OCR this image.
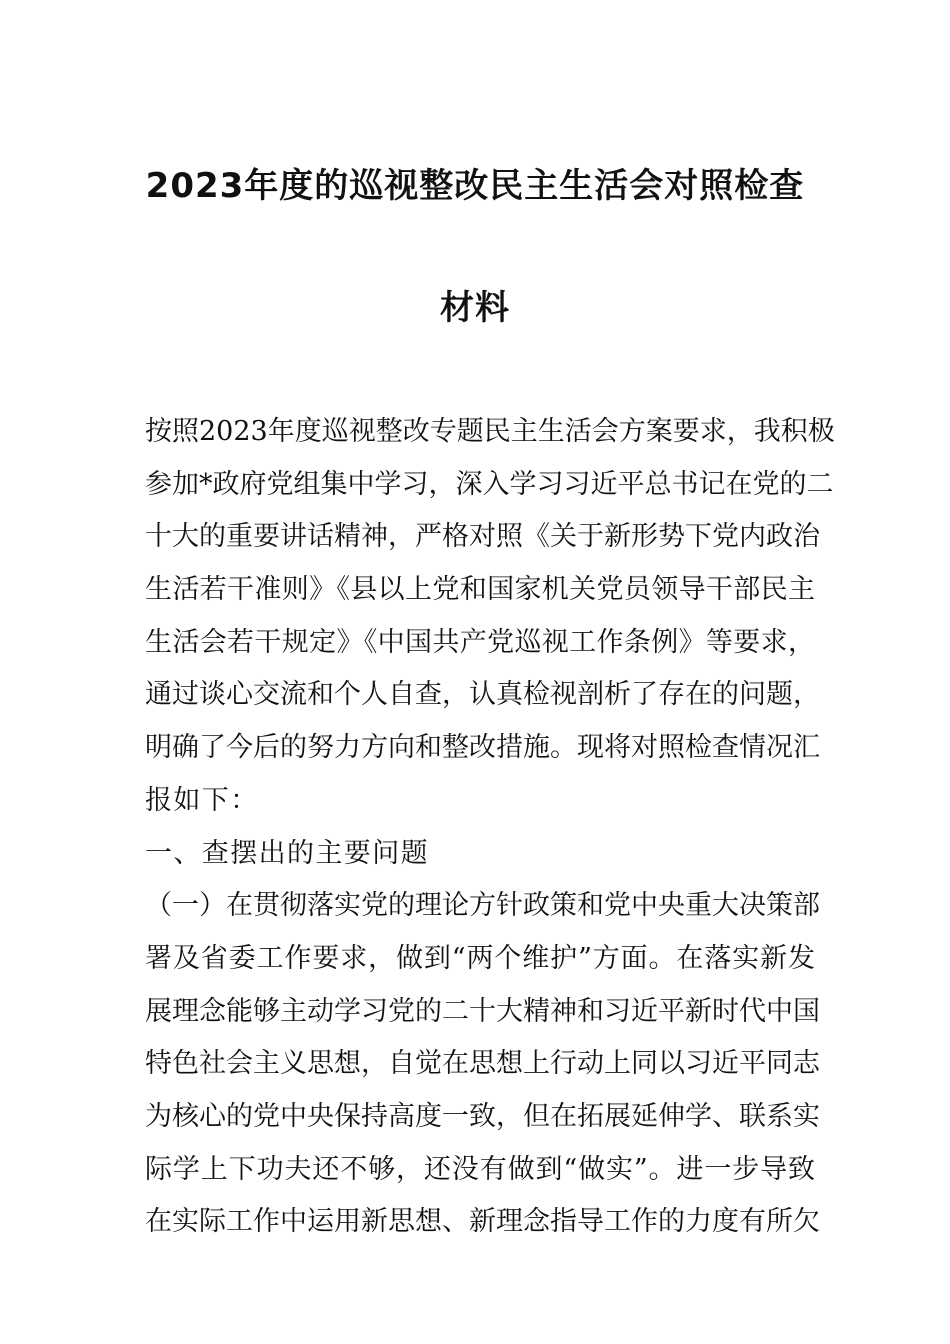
2023年度的巡视整改民主生活会对照检查
材料
按照2023年度巡视整改专题民主生活会方案要求，我积极
参加*政府党组集中学习，深入学习习近平总书记在党的二
十大的重要讲话精神，严格对照《关于新形势下党内政治
生活若干准则》《县以上党和国家机关党员领导干部民主
生活会若干规定》《中国共产党巡视工作条例》等要求，
通过谈心交流和个人自查，认真检视剖析了存在的问题，
明确了今后的努力方向和整改措施。现将对照检查情况汇
报如下：
一、查摆出的主要问题
（一）在贯彻落实党的理论方针政策和党中央重大决策部
署及省委工作要求，做到“两个维护”方面。在落实新发
展理念能够主动学习党的二十大精神和习近平新时代中国
特色社会主义思想，自觉在思想上行动上同以习近平同志
为核心的党中央保持高度一致，但在拓展延伸学、联系实
际学上下功夫还不够，还没有做到“做实”。进一步导致
在实际工作中运用新思想、新理念指导工作的力度有所欠
